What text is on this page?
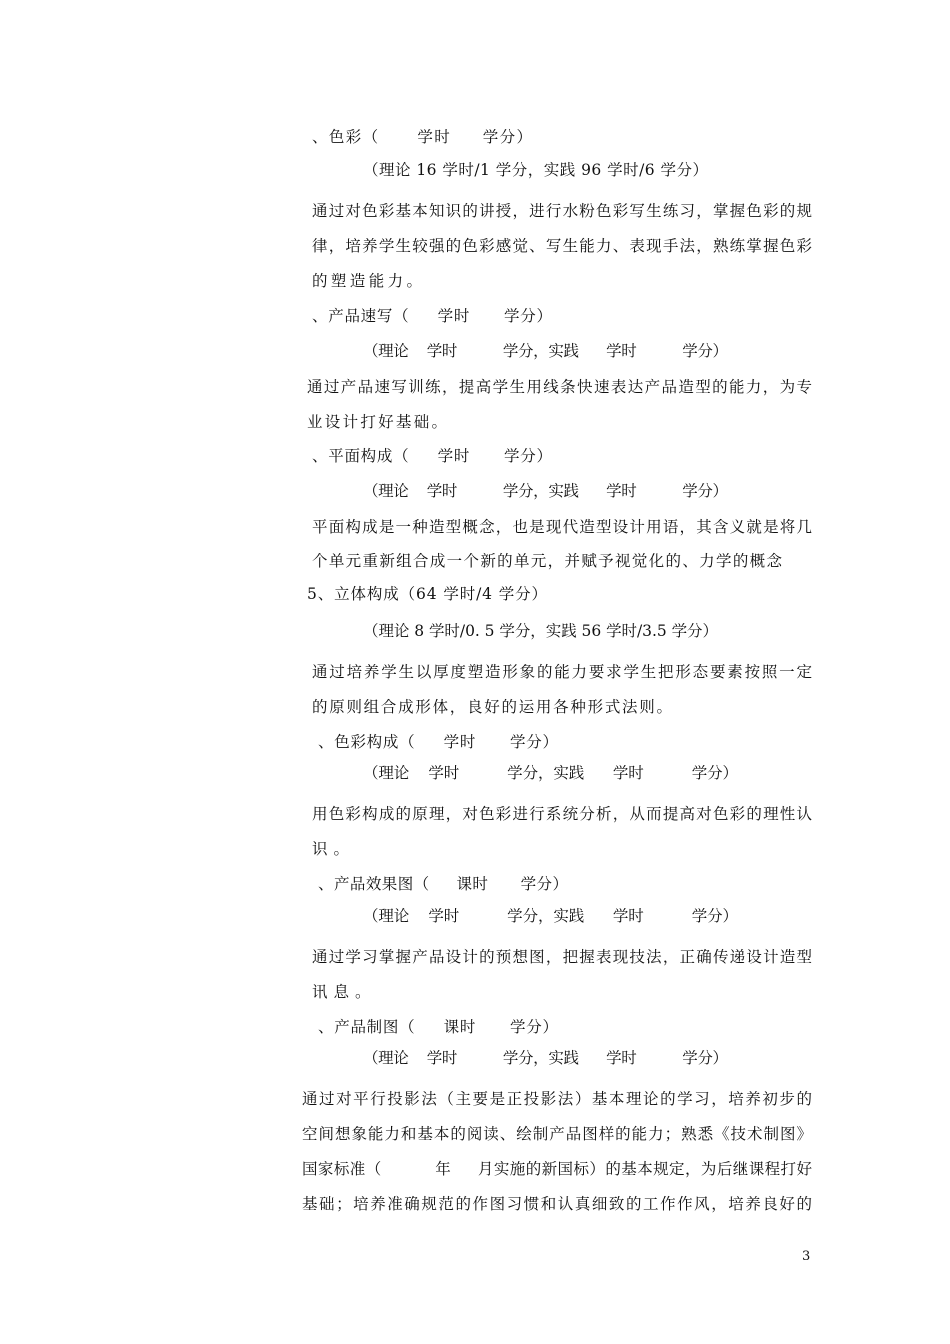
、色彩（      学时     学分）
（理论 16 学时/1 学分，实践 96 学时/6 学分）
通过对色彩基本知识的讲授，进行水粉色彩写生练习，掌握色彩的规
律，培养学生较强的色彩感觉、写生能力、表现手法，熟练掌握色彩
的塑造能力。
、产品速写（     学时      学分）
（理论    学时          学分，实践      学时          学分）
通过产品速写训练，提高学生用线条快速表达产品造型的能力，为专
业设计打好基础。
、平面构成（     学时      学分）
（理论    学时          学分，实践      学时          学分）
平面构成是一种造型概念，也是现代造型设计用语，其含义就是将几
个单元重新组合成一个新的单元，并赋予视觉化的、力学的概念
5、立体构成（64 学时/4 学分）
（理论 8 学时/0. 5 学分，实践 56 学时/3.5 学分）
通过培养学生以厚度塑造形象的能力要求学生把形态要素按照一定
的原则组合成形体，良好的运用各种形式法则。
、色彩构成（     学时      学分）
（理论    学时          学分，实践      学时          学分）
用色彩构成的原理，对色彩进行系统分析，从而提高对色彩的理性认
识。
、产品效果图（     课时      学分）
（理论    学时          学分，实践      学时          学分）
通过学习掌握产品设计的预想图，把握表现技法，正确传递设计造型
讯息。
、产品制图（     课时      学分）
（理论    学时          学分，实践      学时          学分）
通过对平行投影法（主要是正投影法）基本理论的学习，培养初步的
空间想象能力和基本的阅读、绘制产品图样的能力；熟悉《技术制图》
国家标准（          年     月实施的新国标）的基本规定，为后继课程打好
基础；培养准确规范的作图习惯和认真细致的工作作风，培养良好的
3
